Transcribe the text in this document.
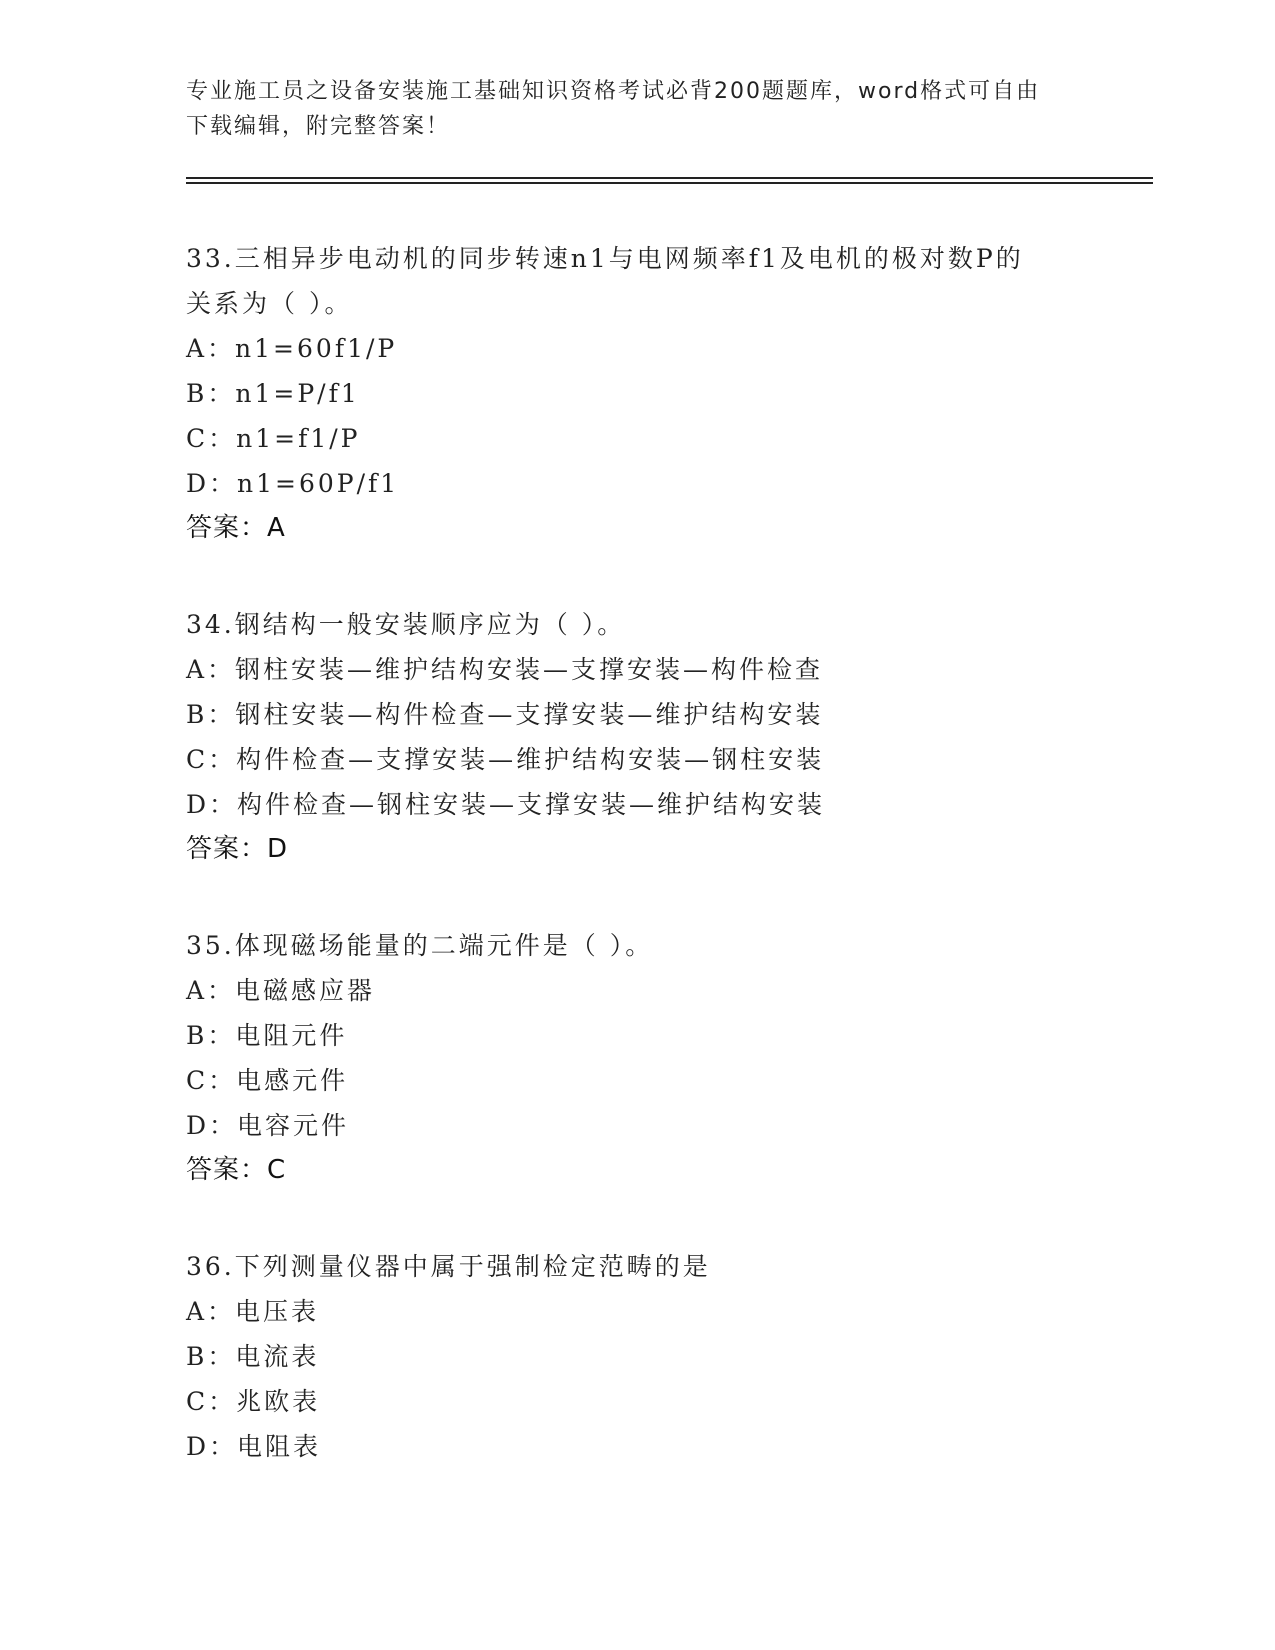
专业施工员之设备安装施工基础知识资格考试必背200题题库，word格式可自由
下载编辑，附完整答案！
33.三相异步电动机的同步转速n1与电网频率f1及电机的极对数P的
关系为（ ）。
A：n1=60f1/P
B：n1=P/f1
C：n1=f1/P
D：n1=60P/f1
答案：A
34.钢结构一般安装顺序应为（ ）。
A：钢柱安装—维护结构安装—支撑安装—构件检查
B：钢柱安装—构件检查—支撑安装—维护结构安装
C：构件检查—支撑安装—维护结构安装—钢柱安装
D：构件检查—钢柱安装—支撑安装—维护结构安装
答案：D
35.体现磁场能量的二端元件是（ ）。
A：电磁感应器
B：电阻元件
C：电感元件
D：电容元件
答案：C
36.下列测量仪器中属于强制检定范畴的是
A：电压表
B：电流表
C：兆欧表
D：电阻表
